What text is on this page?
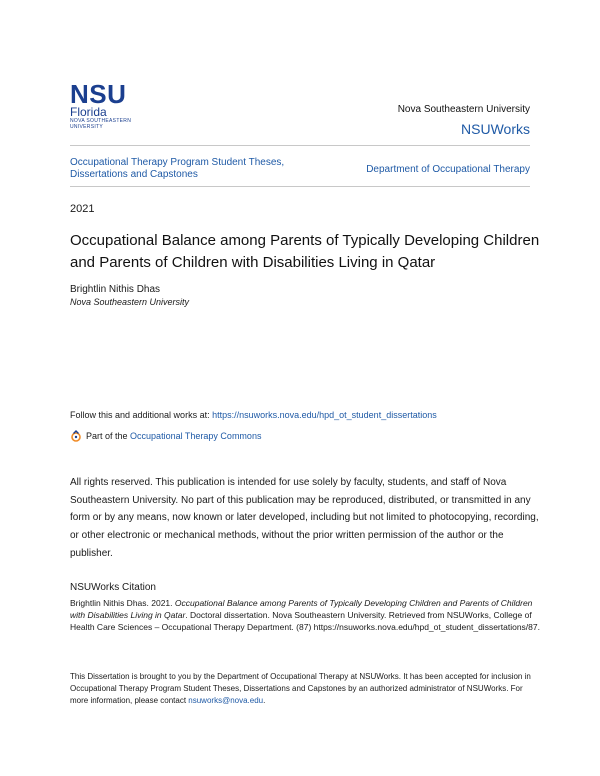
NSU
Florida
NOVA SOUTHEASTERN
UNIVERSITY
Nova Southeastern University
NSUWorks
Occupational Therapy Program Student Theses, Dissertations and Capstones	Department of Occupational Therapy
2021
Occupational Balance among Parents of Typically Developing Children and Parents of Children with Disabilities Living in Qatar
Brightlin Nithis Dhas
Nova Southeastern University
Follow this and additional works at: https://nsuworks.nova.edu/hpd_ot_student_dissertations
Part of the
Occupational Therapy Commons
All rights reserved. This publication is intended for use solely by faculty, students, and staff of Nova Southeastern University. No part of this publication may be reproduced, distributed, or transmitted in any form or by any means, now known or later developed, including but not limited to photocopying, recording, or other electronic or mechanical methods, without the prior written permission of the author or the publisher.
NSUWorks Citation
Brightlin Nithis Dhas. 2021. Occupational Balance among Parents of Typically Developing Children and Parents of Children with Disabilities Living in Qatar. Doctoral dissertation. Nova Southeastern University. Retrieved from NSUWorks, College of Health Care Sciences – Occupational Therapy Department. (87) https://nsuworks.nova.edu/hpd_ot_student_dissertations/87.
This Dissertation is brought to you by the Department of Occupational Therapy at NSUWorks. It has been accepted for inclusion in Occupational Therapy Program Student Theses, Dissertations and Capstones by an authorized administrator of NSUWorks. For more information, please contact nsuworks@nova.edu.
